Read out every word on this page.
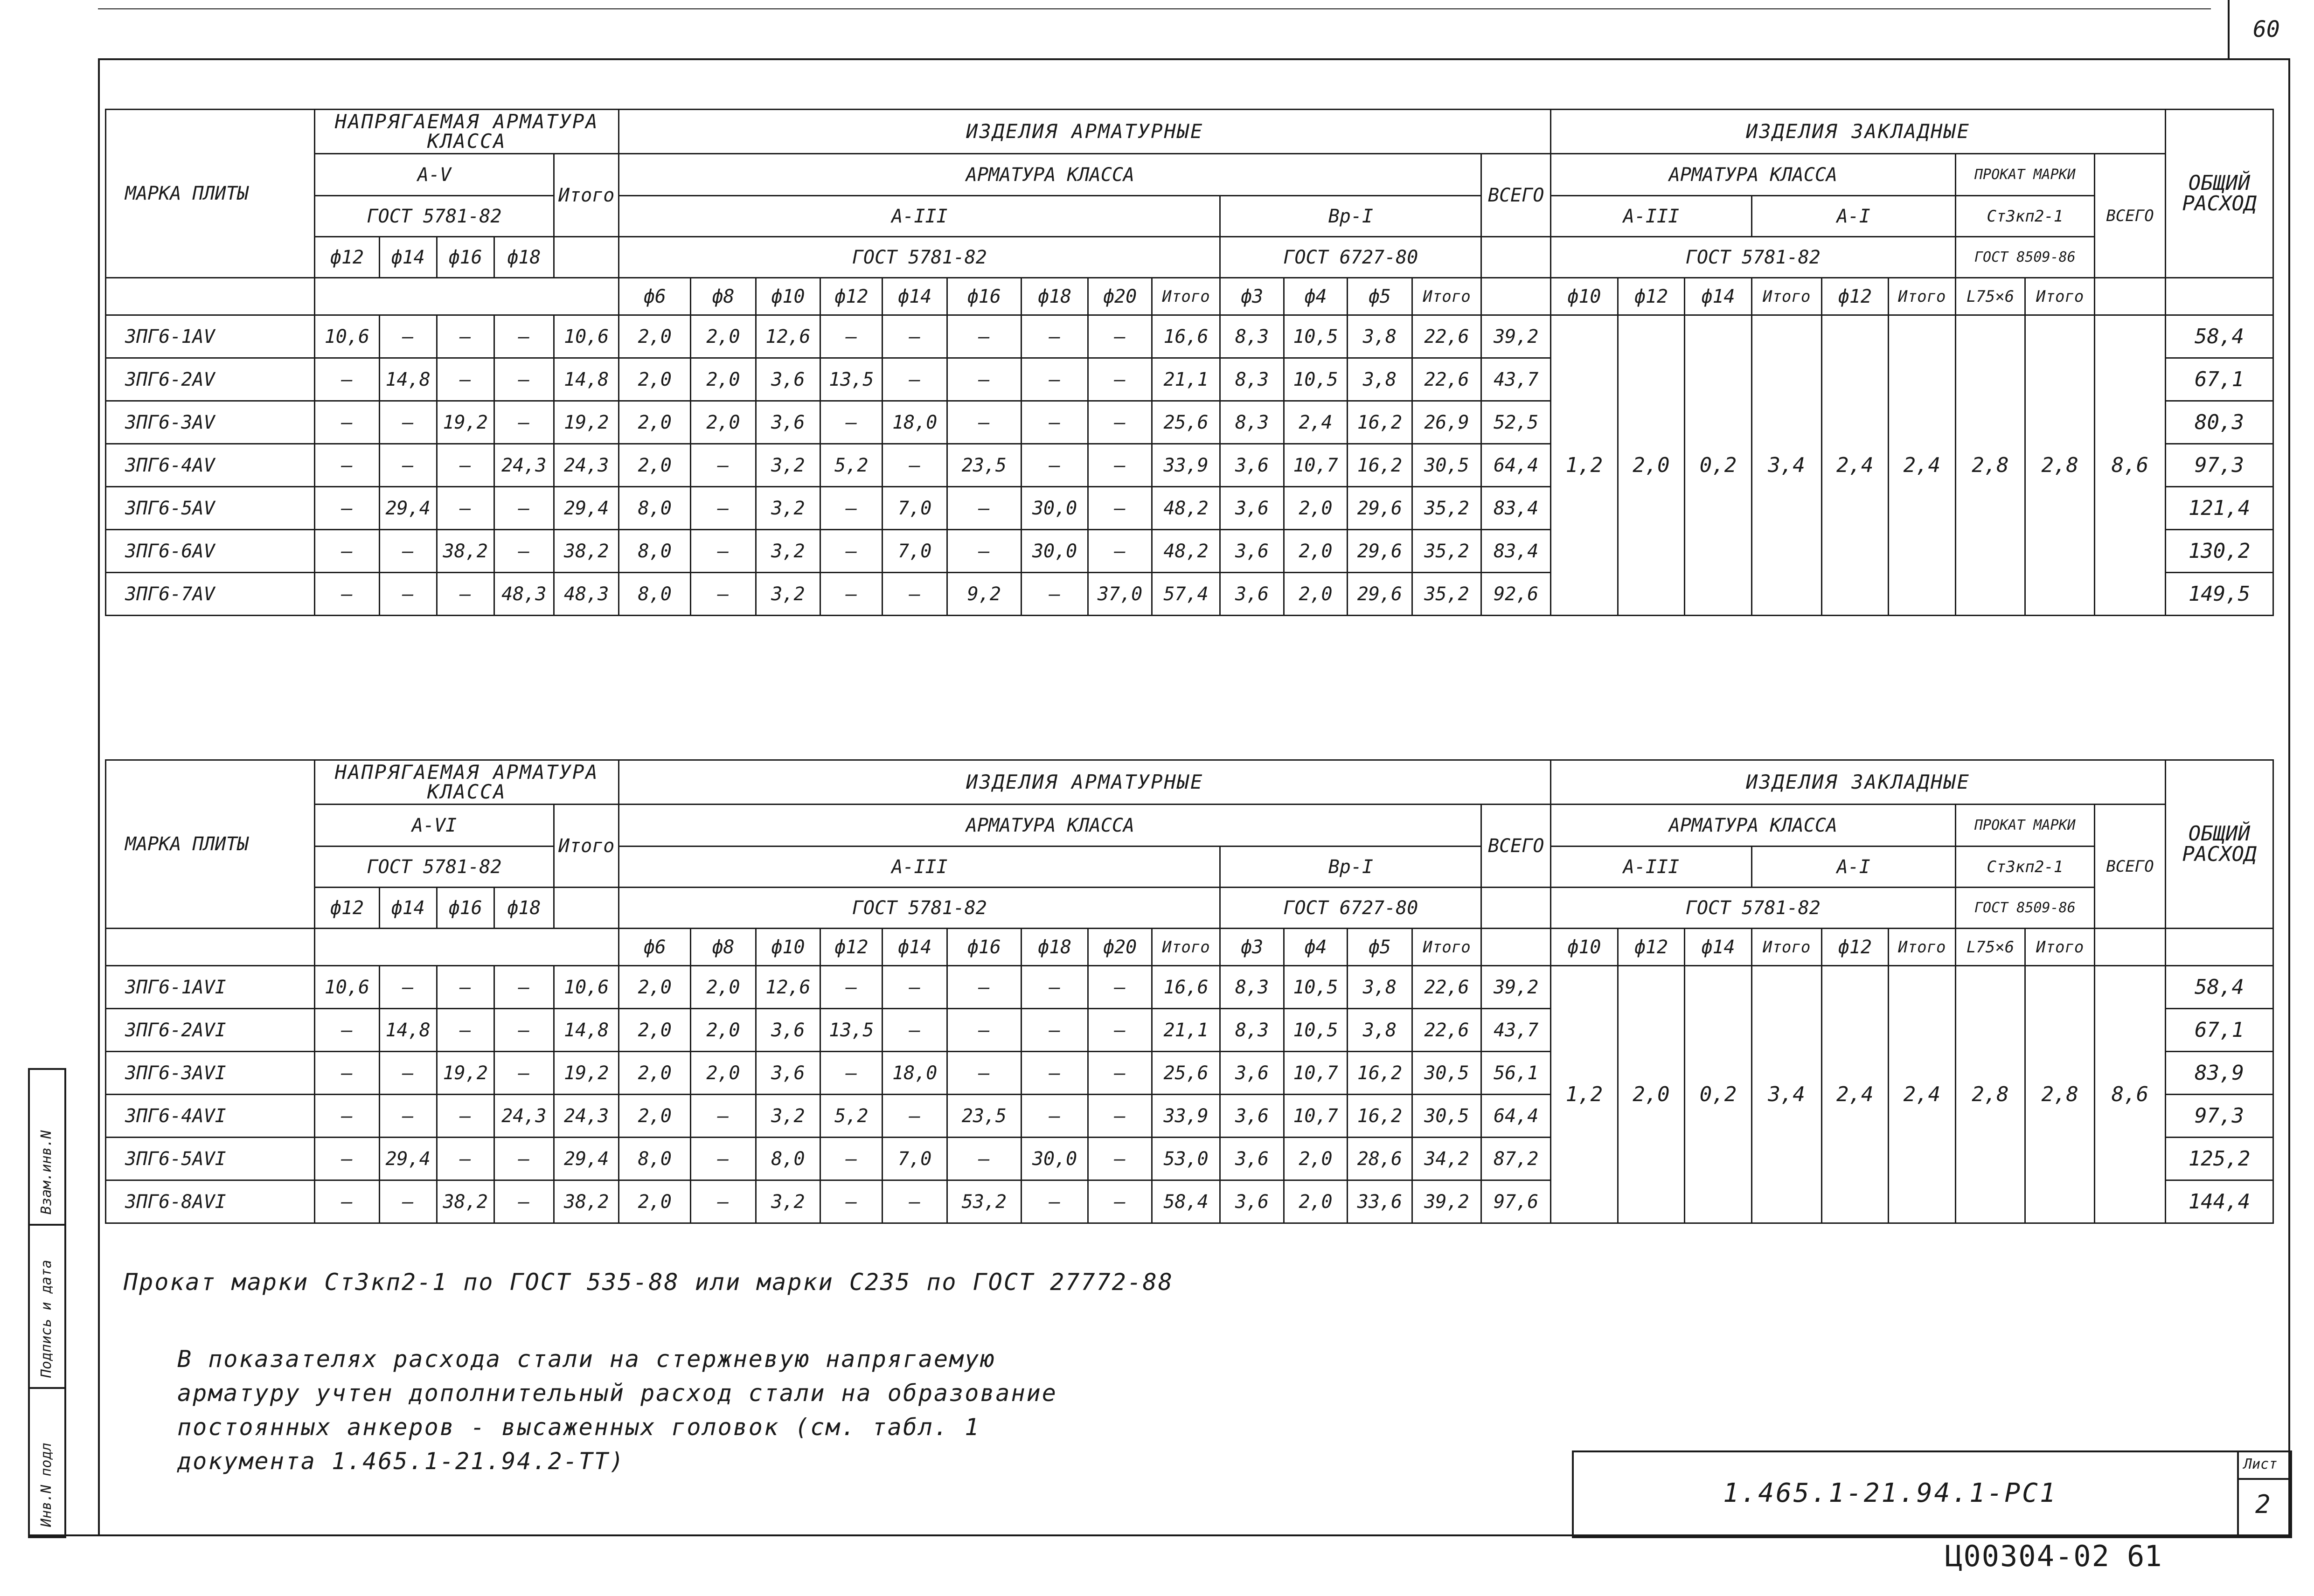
60
МАРКА ПЛИТЫ	НАПРЯГАЕМАЯ АРМАТУРА КЛАССА					ИЗДЕЛИЯ АРМАТУРНЫЕ														ИЗДЕЛИЯ ЗАКЛАДНЫЕ									ОБЩИЙ РАСХОД
	А-V				Итого	АРМАТУРА КЛАССА													ВСЕГО	АРМАТУРА КЛАССА						ПРОКАТ МАРКИ		ВСЕГО	
	ГОСТ 5781-82					А-III									Вр-I					А-III			А-I			Ст3кп2-1			
	ф12	ф14	ф16	ф18		ГОСТ 5781-82									ГОСТ 6727-80					ГОСТ 5781-82						ГОСТ 8509-86			
						ф6	ф8	ф10	ф12	ф14	ф16	ф18	ф20	Итого	ф3	ф4	ф5	Итого		ф10	ф12	ф14	Итого	ф12	Итого	L75×6	Итого		
3ПГ6-1АV	10,6	—	—	—	10,6	2,0	2,0	12,6	—	—	—	—	—	16,6	8,3	10,5	3,8	22,6	39,2	1,2	2,0	0,2	3,4	2,4	2,4	2,8	2,8	8,6	58,4
3ПГ6-2АV	—	14,8	—	—	14,8	2,0	2,0	3,6	13,5	—	—	—	—	21,1	8,3	10,5	3,8	22,6	43,7										67,1
3ПГ6-3АV	—	—	19,2	—	19,2	2,0	2,0	3,6	—	18,0	—	—	—	25,6	8,3	2,4	16,2	26,9	52,5										80,3
3ПГ6-4АV	—	—	—	24,3	24,3	2,0	—	3,2	5,2	—	23,5	—	—	33,9	3,6	10,7	16,2	30,5	64,4										97,3
3ПГ6-5АV	—	29,4	—	—	29,4	8,0	—	3,2	—	7,0	—	30,0	—	48,2	3,6	2,0	29,6	35,2	83,4										121,4
3ПГ6-6АV	—	—	38,2	—	38,2	8,0	—	3,2	—	7,0	—	30,0	—	48,2	3,6	2,0	29,6	35,2	83,4										130,2
3ПГ6-7АV	—	—	—	48,3	48,3	8,0	—	3,2	—	—	9,2	—	37,0	57,4	3,6	2,0	29,6	35,2	92,6										149,5
МАРКА ПЛИТЫ	НАПРЯГАЕМАЯ АРМАТУРА КЛАССА					ИЗДЕЛИЯ АРМАТУРНЫЕ														ИЗДЕЛИЯ ЗАКЛАДНЫЕ									ОБЩИЙ РАСХОД
	А-VI				Итого	АРМАТУРА КЛАССА													ВСЕГО	АРМАТУРА КЛАССА						ПРОКАТ МАРКИ		ВСЕГО	
	ГОСТ 5781-82					А-III									Вр-I					А-III			А-I			Ст3кп2-1			
	ф12	ф14	ф16	ф18		ГОСТ 5781-82									ГОСТ 6727-80					ГОСТ 5781-82						ГОСТ 8509-86			
						ф6	ф8	ф10	ф12	ф14	ф16	ф18	ф20	Итого	ф3	ф4	ф5	Итого		ф10	ф12	ф14	Итого	ф12	Итого	L75×6	Итого		
3ПГ6-1АVI	10,6	—	—	—	10,6	2,0	2,0	12,6	—	—	—	—	—	16,6	8,3	10,5	3,8	22,6	39,2	1,2	2,0	0,2	3,4	2,4	2,4	2,8	2,8	8,6	58,4
3ПГ6-2АVI	—	14,8	—	—	14,8	2,0	2,0	3,6	13,5	—	—	—	—	21,1	8,3	10,5	3,8	22,6	43,7										67,1
3ПГ6-3АVI	—	—	19,2	—	19,2	2,0	2,0	3,6	—	18,0	—	—	—	25,6	3,6	10,7	16,2	30,5	56,1										83,9
3ПГ6-4АVI	—	—	—	24,3	24,3	2,0	—	3,2	5,2	—	23,5	—	—	33,9	3,6	10,7	16,2	30,5	64,4										97,3
3ПГ6-5АVI	—	29,4	—	—	29,4	8,0	—	8,0	—	7,0	—	30,0	—	53,0	3,6	2,0	28,6	34,2	87,2										125,2
3ПГ6-8АVI	—	—	38,2	—	38,2	2,0	—	3,2	—	—	53,2	—	—	58,4	3,6	2,0	33,6	39,2	97,6										144,4
Прокат марки Ст3кп2-1 по ГОСТ 535-88 или марки С235 по ГОСТ 27772-88
В показателях расхода стали на стержневую напрягаемую
арматуру учтен дополнительный расход стали на образование
постоянных анкеров - высаженных головок (см. табл. 1
документа 1.465.1-21.94.2-ТТ)
1.465.1-21.94.1-РС1
Лист
2
Ц00304-02 61
Инв.N подл
Подпись и дата
Взам.инв.N
